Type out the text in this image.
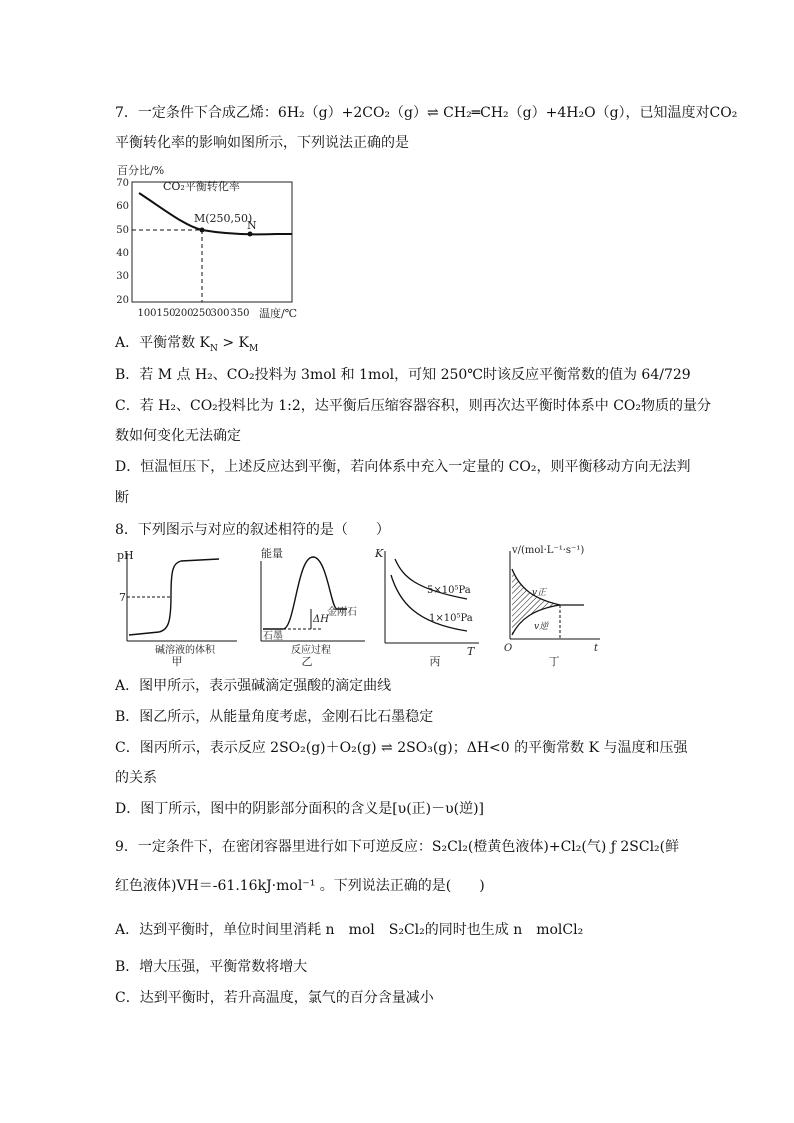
7．一定条件下合成乙烯：6H₂（g）+2CO₂（g）⇌ CH₂═CH₂（g）+4H₂O（g），已知温度对CO₂
平衡转化率的影响如图所示，下列说法正确的是
百分比/%
70
60
50
40
30
20
CO₂平衡转化率
M(250,50)
N
100 150
200
250
300 350 温度/℃
A．平衡常数 $K_N > K_M$
B．若 M 点 H₂、CO₂投料为 3mol 和 1mol，可知 250℃时该反应平衡常数的值为 64/729
C．若 H₂、CO₂投料比为 1:2，达平衡后压缩容器容积，则再次达平衡时体系中 CO₂物质的量分
数如何变化无法确定
D．恒温恒压下，上述反应达到平衡，若向体系中充入一定量的 CO₂，则平衡移动方向无法判
断
8．下列图示与对应的叙述相符的是（　　）
pH
7
碱溶液的体积
甲
能量
ΔH
金刚石
石墨
反应过程
乙
K
5×10⁵Pa
1×10⁵Pa
T
丙
v/(mol·L⁻¹·s⁻¹)
v正
v逆
O	t
丁
A．图甲所示，表示强碱滴定强酸的滴定曲线
B．图乙所示，从能量角度考虑，金刚石比石墨稳定
C．图丙所示，表示反应 2SO₂(g)＋O₂(g) ⇌ 2SO₃(g)；ΔH<0 的平衡常数 K 与温度和压强
的关系
D．图丁所示，图中的阴影部分面积的含义是[υ(正)－υ(逆)]
9．一定条件下，在密闭容器里进行如下可逆反应：S₂Cl₂(橙黄色液体)+Cl₂(气) ƒ 2SCl₂(鲜
红色液体)VH＝-61.16kJ·mol⁻¹ 。下列说法正确的是(　　)
A．达到平衡时，单位时间里消耗 n　mol　S₂Cl₂的同时也生成 n　molCl₂
B．增大压强，平衡常数将增大
C．达到平衡时，若升高温度，氯气的百分含量减小
